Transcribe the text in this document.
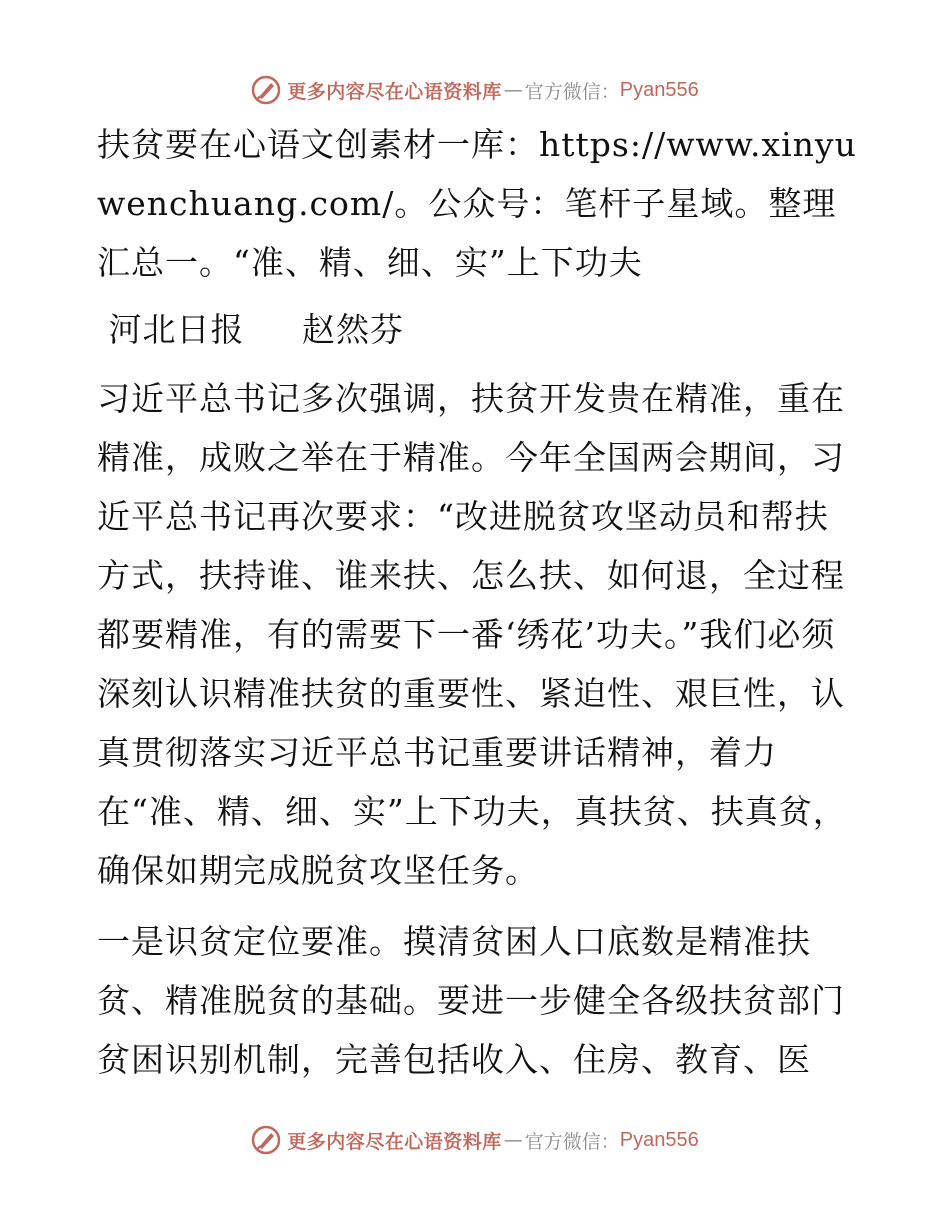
更多内容尽在心语资料库 — 官方微信： Pyan556

扶贫要在心语文创素材一库：https://www.xinyuwenchuang.com/。公众号：笔杆子星域。整理汇总一。“准、精、细、实”上下功夫

河北日报     赵然芬

习近平总书记多次强调，扶贫开发贵在精准，重在精准，成败之举在于精准。今年全国两会期间，习近平总书记再次要求：“改进脱贫攻坚动员和帮扶方式，扶持谁、谁来扶、怎么扶、如何退，全过程都要精准，有的需要下一番‘绣花’功夫。”我们必须深刻认识精准扶贫的重要性、紧迫性、艰巨性，认真贯彻落实习近平总书记重要讲话精神，着力在“准、精、细、实”上下功夫，真扶贫、扶真贫，确保如期完成脱贫攻坚任务。

一是识贫定位要准。摸清贫困人口底数是精准扶贫、精准脱贫的基础。要进一步健全各级扶贫部门贫困识别机制，完善包括收入、住房、教育、医

更多内容尽在心语资料库 — 官方微信： Pyan556
